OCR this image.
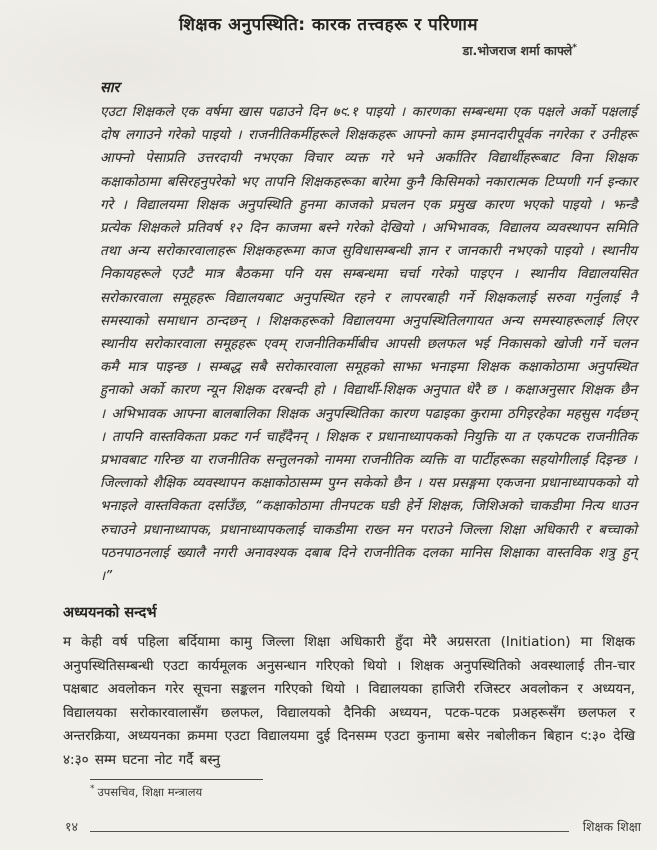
शिक्षक अनुपस्थिति: कारक तत्त्वहरू र परिणाम
डा.भोजराज शर्मा काफ्ले*
सार

एउटा शिक्षकले एक वर्षमा खास पढाउने दिन ७९.१ पाइयो । कारणका सम्बन्धमा एक पक्षले अर्को पक्षलाई दोष लगाउने गरेको पाइयो । राजनीतिकर्मीहरूले शिक्षकहरू आफ्नो काम इमानदारीपूर्वक नगरेका र उनीहरू आफ्नो पेसाप्रति उत्तरदायी नभएका विचार व्यक्त गरे भने अर्कातिर विद्यार्थीहरूबाट विना शिक्षक कक्षाकोठामा बसिरहनुपरेको भए तापनि शिक्षकहरूका बारेमा कुनै किसिमको नकारात्मक टिप्पणी गर्न इन्कार गरे । विद्यालयमा शिक्षक अनुपस्थिति हुनमा काजको प्रचलन एक प्रमुख कारण भएको पाइयो । झन्डै प्रत्येक शिक्षकले प्रतिवर्ष १२ दिन काजमा बस्ने गरेको देखियो । अभिभावक, विद्यालय व्यवस्थापन समिति तथा अन्य सरोकारवालाहरू शिक्षकहरूमा काज सुविधासम्बन्धी ज्ञान र जानकारी नभएको पाइयो । स्थानीय निकायहरूले एउटै मात्र बैठकमा पनि यस सम्बन्धमा चर्चा गरेको पाइएन । स्थानीय विद्यालयसित सरोकारवाला समूहहरू विद्यालयबाट अनुपस्थित रहने र लापरबाही गर्ने शिक्षकलाई सरुवा गर्नुलाई नै समस्याको समाधान ठान्दछन् । शिक्षकहरूको विद्यालयमा अनुपस्थितिलगायत अन्य समस्याहरूलाई लिएर स्थानीय सरोकारवाला समूहहरू एवम् राजनीतिकर्मीबीच आपसी छलफल भई निकासको खोजी गर्ने चलन कमै मात्र पाइन्छ । सम्बद्ध सबै सरोकारवाला समूहको साझा भनाइमा शिक्षक कक्षाकोठामा अनुपस्थित हुनाको अर्को कारण न्यून शिक्षक दरबन्दी हो । विद्यार्थी-शिक्षक अनुपात धेरै छ । कक्षाअनुसार शिक्षक छैन । अभिभावक आफ्ना बालबालिका शिक्षक अनुपस्थितिका कारण पढाइका कुरामा ठगिइरहेका महसुस गर्दछन् । तापनि वास्तविकता प्रकट गर्न चाहँदैनन् । शिक्षक र प्रधानाध्यापकको नियुक्ति या त एकपटक राजनीतिक प्रभावबाट गरिन्छ या राजनीतिक सन्तुलनको नाममा राजनीतिक व्यक्ति वा पार्टीहरूका सहयोगीलाई दिइन्छ । जिल्लाको शैक्षिक व्यवस्थापन कक्षाकोठासम्म पुग्न सकेको छैन । यस प्रसङ्गमा एकजना प्रधानाध्यापकको यो भनाइले वास्तविकता दर्साउँछ, “कक्षाकोठामा तीनपटक घडी हेर्ने शिक्षक, जिशिअको चाकडीमा नित्य धाउन रुचाउने प्रधानाध्यापक, प्रधानाध्यापकलाई चाकडीमा राख्न मन पराउने जिल्ला शिक्षा अधिकारी र बच्चाको पठनपाठनलाई ख्यालै नगरी अनावश्यक दबाब दिने राजनीतिक दलका मानिस शिक्षाका वास्तविक शत्रु हुन् ।”

अध्ययनको सन्दर्भ

म केही वर्ष पहिला बर्दियामा कामु जिल्ला शिक्षा अधिकारी हुँदा मेरै अग्रसरता (Initiation) मा शिक्षक अनुपस्थितिसम्बन्धी एउटा कार्यमूलक अनुसन्धान गरिएको थियो । शिक्षक अनुपस्थितिको अवस्थालाई तीन-चार पक्षबाट अवलोकन गरेर सूचना सङ्कलन गरिएको थियो । विद्यालयका हाजिरी रजिस्टर अवलोकन र अध्ययन, विद्यालयका सरोकारवालासँग छलफल, विद्यालयको दैनिकी अध्ययन, पटक-पटक प्रअहरूसँग छलफल र अन्तरक्रिया, अध्ययनका क्रममा एउटा विद्यालयमा दुई दिनसम्म एउटा कुनामा बसेर नबोलीकन बिहान ९:३० देखि ४:३० सम्म घटना नोट गर्दै बस्नु

* उपसचिव, शिक्षा मन्त्रालय
१४	शिक्षक शिक्षा
